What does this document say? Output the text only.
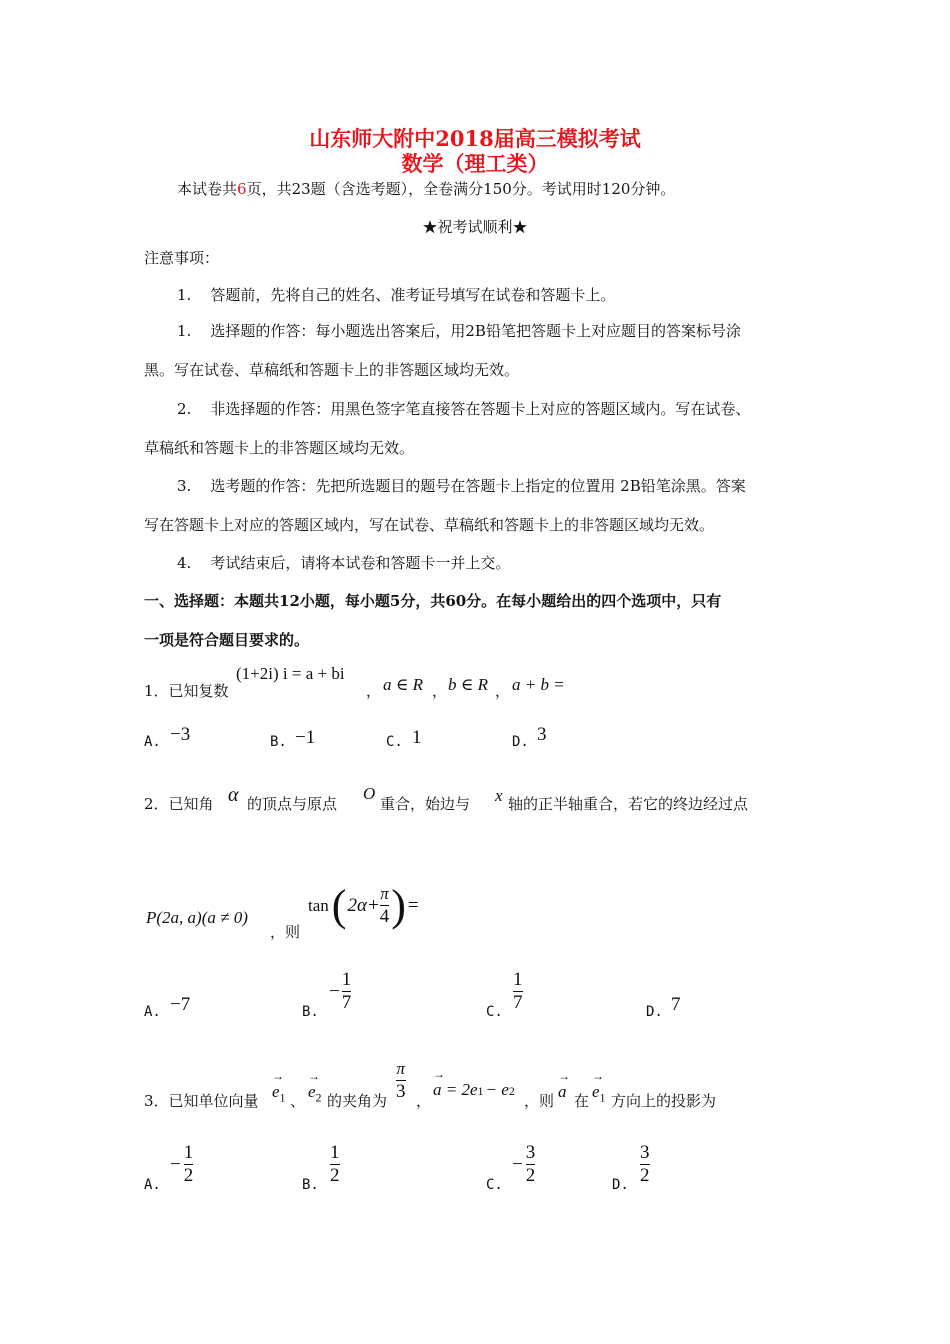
山东师大附中2018届高三模拟考试
数学（理工类）
本试卷共6页，共23题（含选考题），全卷满分150分。考试用时120分钟。
★祝考试顺利★
注意事项：
1. 答题前，先将自己的姓名、准考证号填写在试卷和答题卡上。
1. 选择题的作答：每小题选出答案后，用2B铅笔把答题卡上对应题目的答案标号涂
黑。写在试卷、草稿纸和答题卡上的非答题区域均无效。
2. 非选择题的作答：用黑色签字笔直接答在答题卡上对应的答题区域内。写在试卷、
草稿纸和答题卡上的非答题区域均无效。
3. 选考题的作答：先把所选题目的题号在答题卡上指定的位置用 2B铅笔涂黑。答案
写在答题卡上对应的答题区域内，写在试卷、草稿纸和答题卡上的非答题区域均无效。
4. 考试结束后，请将本试卷和答题卡一并上交。
一、选择题：本题共12小题，每小题5分，共60分。在每小题给出的四个选项中，只有
一项是符合题目要求的。
1．已知复数
(1+2i) i = a + bi
， a ∈ R ， b ∈ R ， a + b =
A. −3	B. −1	C. 1	D. 3
2．已知角 α 的顶点与原点
O
重合，始边与 x 轴的正半轴重合，若它的终边经过点
P(2a, a)(a ≠ 0)
，则
tan ( $2\alpha+ \frac{\pi}{4}$ ) =
A. −7	B.
− $\frac{1}{7}$	C. $\frac{1}{7}$	D. 7
3．已知单位向量 → $e_1$ 、 → $e_2$ 的夹角为 $\frac{\pi}{3}$ ，
→ a = 2e 1 − e 2
，则 → a 在 → $e_1$ 方向上的投影为
A.
− $\frac{1}{2}$	B. $\frac{1}{2}$	C.
− $\frac{3}{2}$	D. $\frac{3}{2}$
